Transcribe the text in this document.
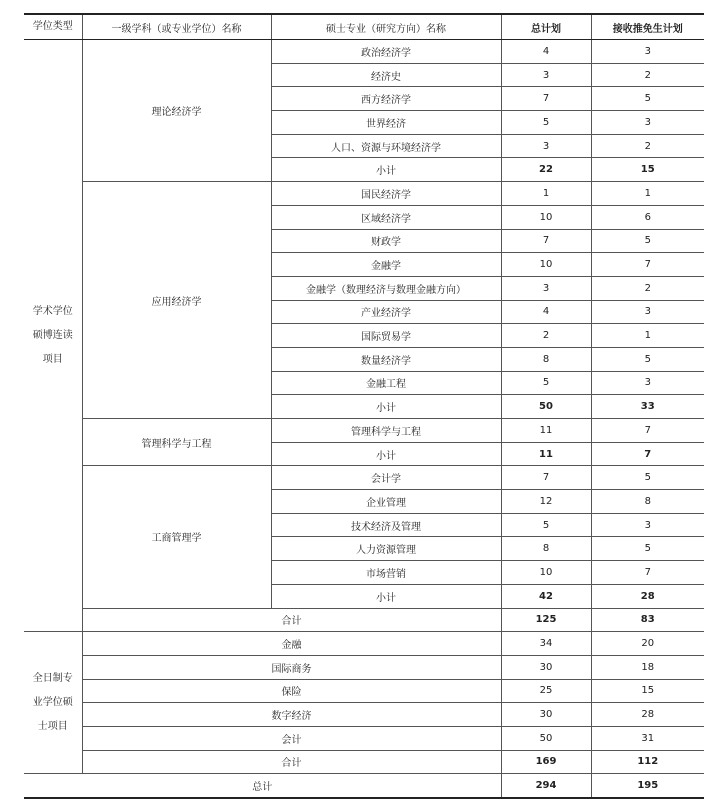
学位类型	一级学科（或专业学位）名称	硕士专业（研究方向）名称	总计划	接收推免生计划

学术学位
硕博连读
项目	理论经济学	政治经济学	4	3
		经济史	3	2
		西方经济学	7	5
		世界经济	5	3
		人口、资源与环境经济学	3	2
		小计	22	15
	应用经济学	国民经济学	1	1
		区域经济学	10	6
		财政学	7	5
		金融学	10	7
		金融学（数理经济与数理金融方向）	3	2
		产业经济学	4	3
		国际贸易学	2	1
		数量经济学	8	5
		金融工程	5	3
		小计	50	33
	管理科学与工程	管理科学与工程	11	7
		小计	11	7
	工商管理学	会计学	7	5
		企业管理	12	8
		技术经济及管理	5	3
		人力资源管理	8	5
		市场营销	10	7
		小计	42	28
	合计		125	83

全日制专
业学位硕
士项目	金融		34	20
	国际商务		30	18
	保险		25	15
	数字经济		30	28
	会计		50	31
	合计		169	112
总计			294	195
